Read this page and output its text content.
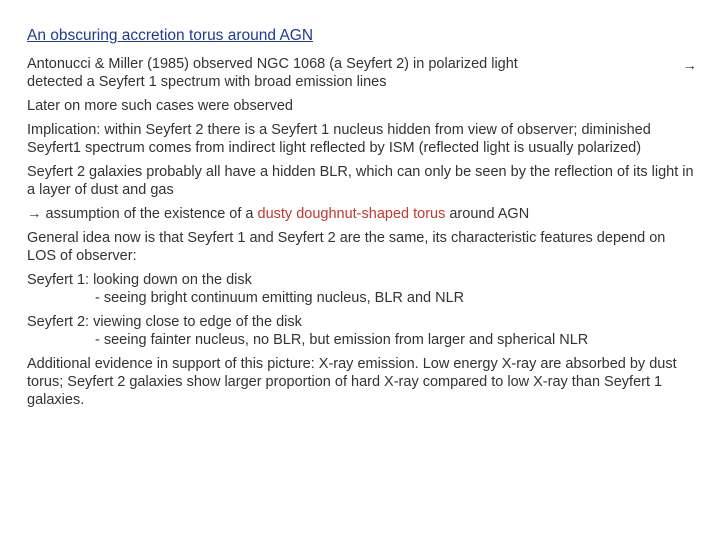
An obscuring accretion torus around AGN
Antonucci & Miller (1985) observed NGC 1068 (a Seyfert 2) in polarized light
detected a Seyfert 1 spectrum with broad emission lines
→
Later on more such cases were observed
Implication: within Seyfert 2 there is a Seyfert 1 nucleus hidden from view of observer; diminished Seyfert1 spectrum comes from indirect light reflected by ISM (reflected light is usually polarized)
Seyfert 2 galaxies probably all have a hidden BLR, which can only be seen by the reflection of its light in a layer of dust and gas
→ assumption of the existence of a dusty doughnut-shaped torus around AGN
General idea now is that Seyfert 1 and Seyfert 2 are the same, its characteristic features depend on LOS of observer:
Seyfert 1: looking down on the disk
- seeing bright continuum emitting nucleus, BLR and NLR
Seyfert 2: viewing close to edge of the disk
- seeing fainter nucleus, no BLR, but emission from larger and spherical NLR
Additional evidence in support of this picture: X-ray emission. Low energy X-ray are absorbed by dust torus; Seyfert 2 galaxies show larger proportion of hard X-ray compared to low X-ray than Seyfert 1 galaxies.
